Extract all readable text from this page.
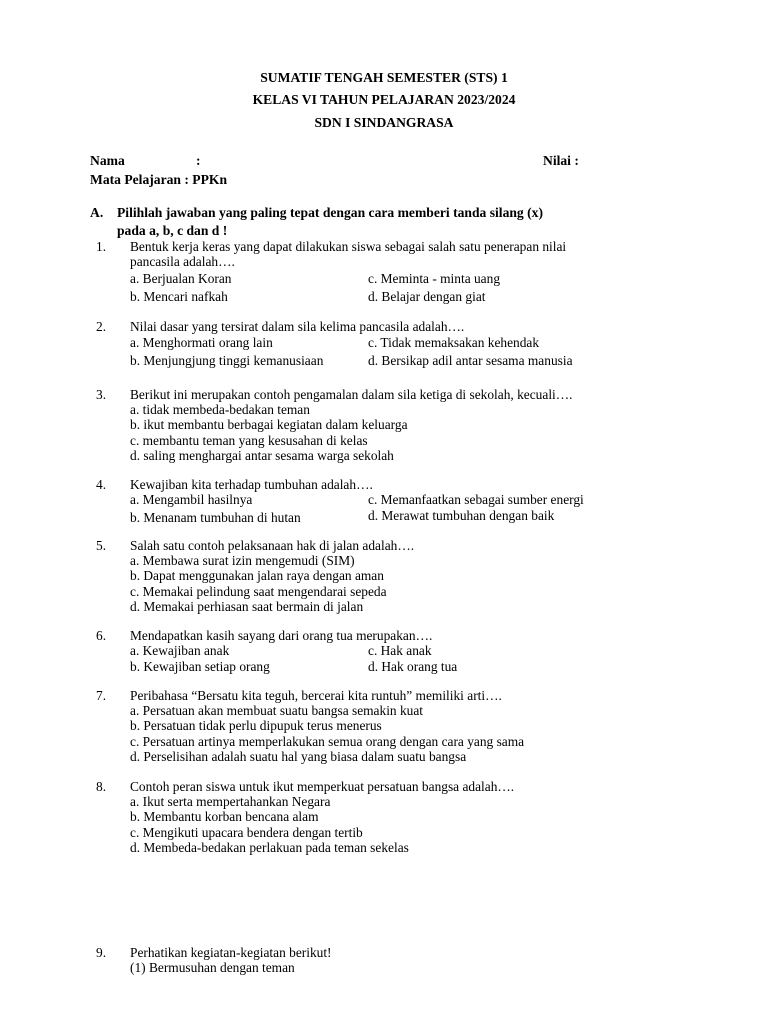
SUMATIF TENGAH SEMESTER (STS) 1
KELAS VI TAHUN PELAJARAN 2023/2024
SDN I SINDANGRASA
Nama	:	Nilai :
Mata Pelajaran : PPKn
A. Pilihlah jawaban yang paling tepat dengan cara memberi tanda silang (x)
pada a, b, c dan d !
1. Bentuk kerja keras yang dapat dilakukan siswa sebagai salah satu penerapan nilai
pancasila adalah….
a. Berjualan Koran	c. Meminta - minta uang
b. Mencari nafkah	d. Belajar dengan giat
2. Nilai dasar yang tersirat dalam sila kelima pancasila adalah….
a. Menghormati orang lain	c. Tidak memaksakan kehendak
b. Menjungjung tinggi kemanusiaan	d. Bersikap adil antar sesama manusia
3. Berikut ini merupakan contoh pengamalan dalam sila ketiga di sekolah, kecuali….
a. tidak membeda-bedakan teman
b. ikut membantu berbagai kegiatan dalam keluarga
c. membantu teman yang kesusahan di kelas
d. saling menghargai antar sesama warga sekolah
4. Kewajiban kita terhadap tumbuhan adalah….
a. Mengambil hasilnya	c. Memanfaatkan sebagai sumber energi
b. Menanam tumbuhan di hutan	d. Merawat tumbuhan dengan baik
5. Salah satu contoh pelaksanaan hak di jalan adalah….
a. Membawa surat izin mengemudi (SIM)
b. Dapat menggunakan jalan raya dengan aman
c. Memakai pelindung saat mengendarai sepeda
d. Memakai perhiasan saat bermain di jalan
6. Mendapatkan kasih sayang dari orang tua merupakan….
a. Kewajiban anak	c. Hak anak
b. Kewajiban setiap orang	d. Hak orang tua
7. Peribahasa “Bersatu kita teguh, bercerai kita runtuh” memiliki arti….
a. Persatuan akan membuat suatu bangsa semakin kuat
b. Persatuan tidak perlu dipupuk terus menerus
c. Persatuan artinya memperlakukan semua orang dengan cara yang sama
d. Perselisihan adalah suatu hal yang biasa dalam suatu bangsa
8. Contoh peran siswa untuk ikut memperkuat persatuan bangsa adalah….
a. Ikut serta mempertahankan Negara
b. Membantu korban bencana alam
c. Mengikuti upacara bendera dengan tertib
d. Membeda-bedakan perlakuan pada teman sekelas
9. Perhatikan kegiatan-kegiatan berikut!
(1) Bermusuhan dengan teman
